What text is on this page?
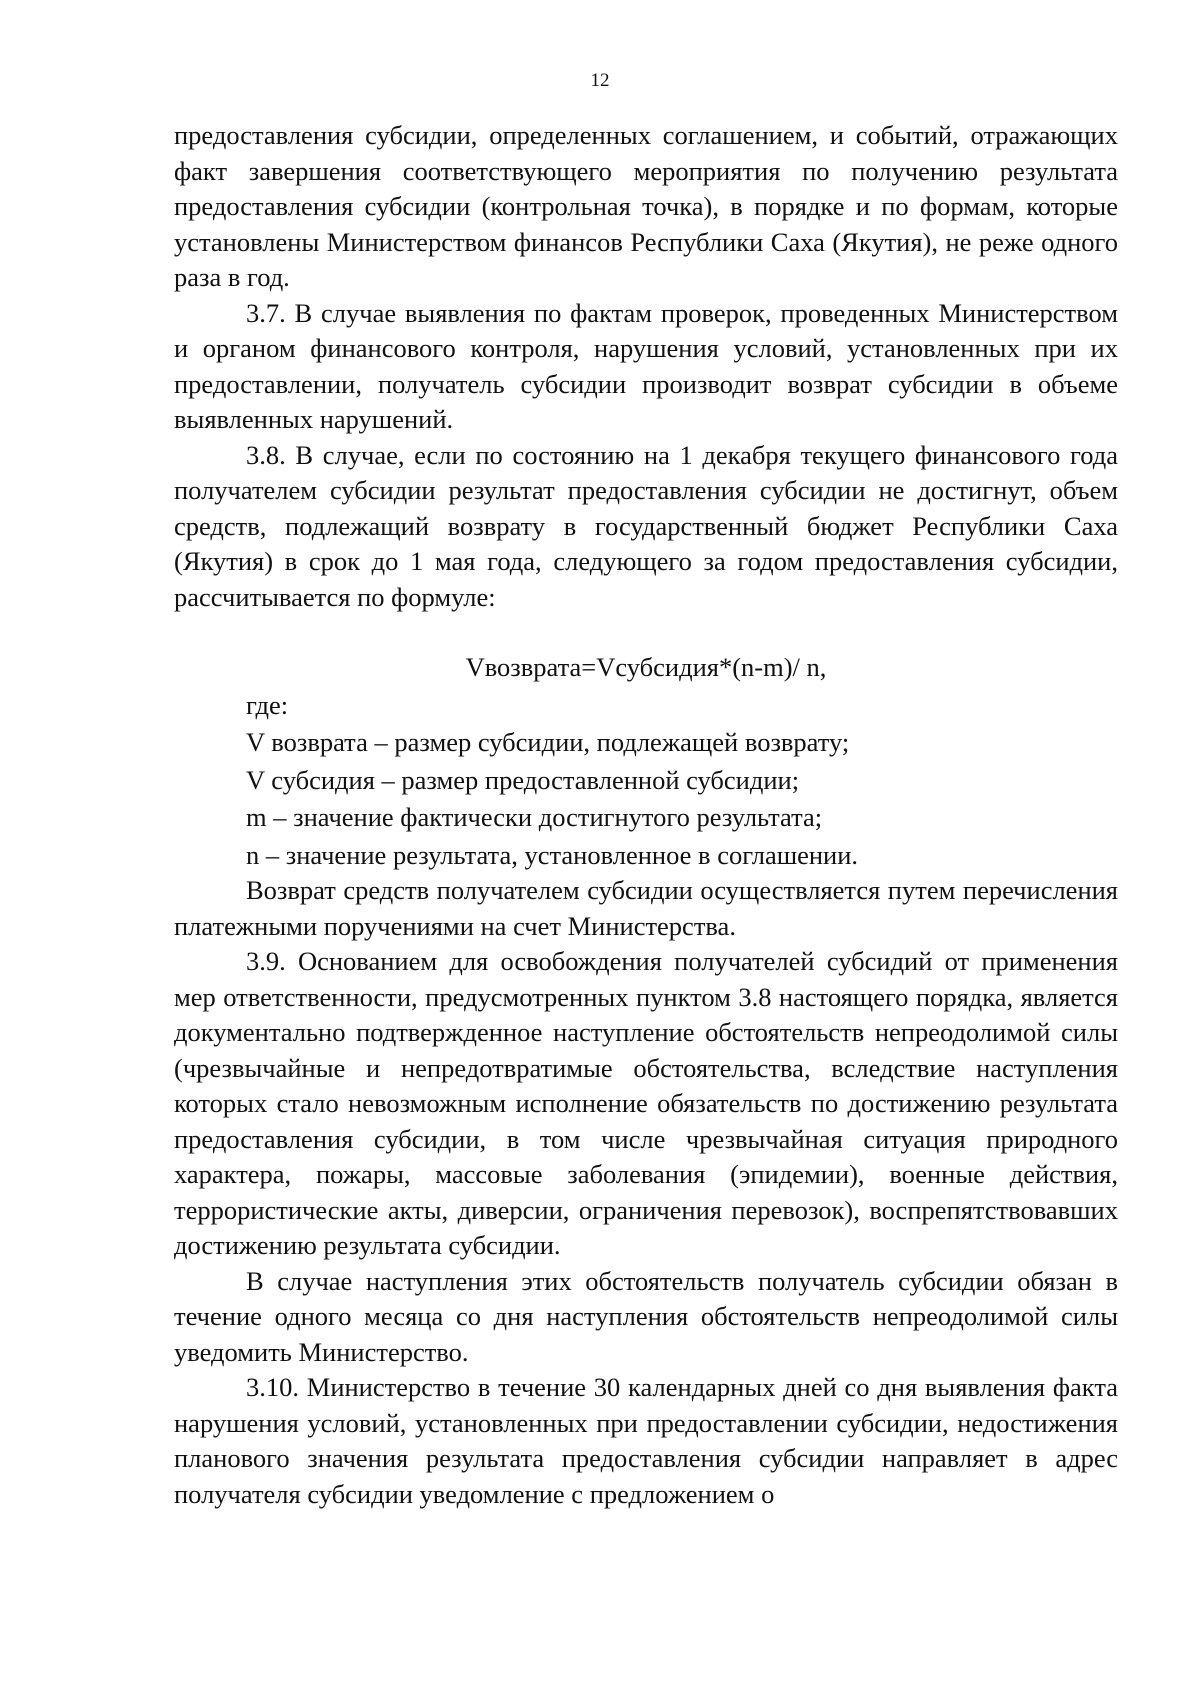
12

предоставления субсидии, определенных соглашением, и событий, отражающих факт завершения соответствующего мероприятия по получению результата предоставления субсидии (контрольная точка), в порядке и по формам, которые установлены Министерством финансов Республики Саха (Якутия), не реже одного раза в год.

3.7. В случае выявления по фактам проверок, проведенных Министерством и органом финансового контроля, нарушения условий, установленных при их предоставлении, получатель субсидии производит возврат субсидии в объеме выявленных нарушений.

3.8. В случае, если по состоянию на 1 декабря текущего финансового года получателем субсидии результат предоставления субсидии не достигнут, объем средств, подлежащий возврату в государственный бюджет Республики Саха (Якутия) в срок до 1 мая года, следующего за годом предоставления субсидии, рассчитывается по формуле:

Vвозврата=Vсубсидия*(n-m)/ n,

где:

V возврата – размер субсидии, подлежащей возврату;

V субсидия – размер предоставленной субсидии;

m – значение фактически достигнутого результата;

n – значение результата, установленное в соглашении.

Возврат средств получателем субсидии осуществляется путем перечисления платежными поручениями на счет Министерства.

3.9. Основанием для освобождения получателей субсидий от применения мер ответственности, предусмотренных пунктом 3.8 настоящего порядка, является документально подтвержденное наступление обстоятельств непреодолимой силы (чрезвычайные и непредотвратимые обстоятельства, вследствие наступления которых стало невозможным исполнение обязательств по достижению результата предоставления субсидии, в том числе чрезвычайная ситуация природного характера, пожары, массовые заболевания (эпидемии), военные действия, террористические акты, диверсии, ограничения перевозок), воспрепятствовавших достижению результата субсидии.

В случае наступления этих обстоятельств получатель субсидии обязан в течение одного месяца со дня наступления обстоятельств непреодолимой силы уведомить Министерство.

3.10. Министерство в течение 30 календарных дней со дня выявления факта нарушения условий, установленных при предоставлении субсидии, недостижения планового значения результата предоставления субсидии направляет в адрес получателя субсидии уведомление с предложением о
